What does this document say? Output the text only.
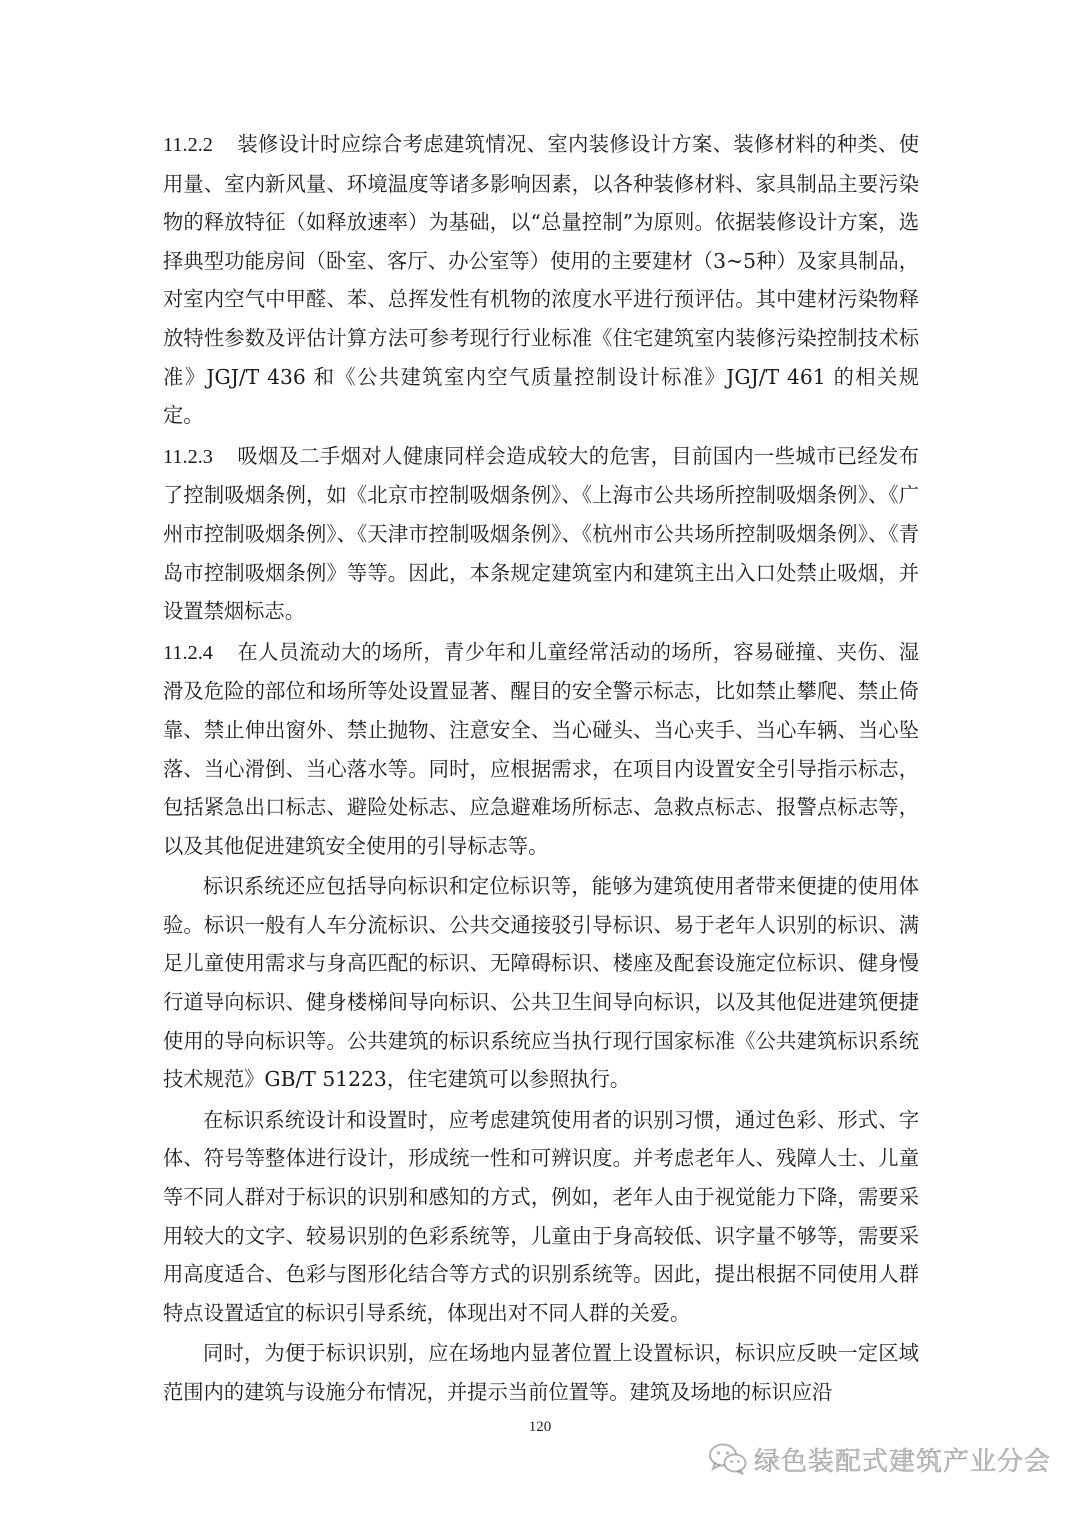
11.2.2 装修设计时应综合考虑建筑情况、室内装修设计方案、装修材料的种类、使用量、室内新风量、环境温度等诸多影响因素，以各种装修材料、家具制品主要污染物的释放特征（如释放速率）为基础，以“总量控制”为原则。依据装修设计方案，选择典型功能房间（卧室、客厅、办公室等）使用的主要建材（3~5种）及家具制品，对室内空气中甲醛、苯、总挥发性有机物的浓度水平进行预评估。其中建材污染物释放特性参数及评估计算方法可参考现行行业标准《住宅建筑室内装修污染控制技术标准》JGJ/T 436 和《公共建筑室内空气质量控制设计标准》JGJ/T 461 的相关规定。

11.2.3 吸烟及二手烟对人健康同样会造成较大的危害，目前国内一些城市已经发布了控制吸烟条例，如《北京市控制吸烟条例》、《上海市公共场所控制吸烟条例》、《广州市控制吸烟条例》、《天津市控制吸烟条例》、《杭州市公共场所控制吸烟条例》、《青岛市控制吸烟条例》等等。因此，本条规定建筑室内和建筑主出入口处禁止吸烟，并设置禁烟标志。

11.2.4 在人员流动大的场所，青少年和儿童经常活动的场所，容易碰撞、夹伤、湿滑及危险的部位和场所等处设置显著、醒目的安全警示标志，比如禁止攀爬、禁止倚靠、禁止伸出窗外、禁止抛物、注意安全、当心碰头、当心夹手、当心车辆、当心坠落、当心滑倒、当心落水等。同时，应根据需求，在项目内设置安全引导指示标志，包括紧急出口标志、避险处标志、应急避难场所标志、急救点标志、报警点标志等，以及其他促进建筑安全使用的引导标志等。

标识系统还应包括导向标识和定位标识等，能够为建筑使用者带来便捷的使用体验。标识一般有人车分流标识、公共交通接驳引导标识、易于老年人识别的标识、满足儿童使用需求与身高匹配的标识、无障碍标识、楼座及配套设施定位标识、健身慢行道导向标识、健身楼梯间导向标识、公共卫生间导向标识，以及其他促进建筑便捷使用的导向标识等。公共建筑的标识系统应当执行现行国家标准《公共建筑标识系统技术规范》GB/T 51223，住宅建筑可以参照执行。

在标识系统设计和设置时，应考虑建筑使用者的识别习惯，通过色彩、形式、字体、符号等整体进行设计，形成统一性和可辨识度。并考虑老年人、残障人士、儿童等不同人群对于标识的识别和感知的方式，例如，老年人由于视觉能力下降，需要采用较大的文字、较易识别的色彩系统等，儿童由于身高较低、识字量不够等，需要采用高度适合、色彩与图形化结合等方式的识别系统等。因此，提出根据不同使用人群特点设置适宜的标识引导系统，体现出对不同人群的关爱。

同时，为便于标识识别，应在场地内显著位置上设置标识，标识应反映一定区域范围内的建筑与设施分布情况，并提示当前位置等。建筑及场地的标识应沿

120
绿色装配式建筑产业分会
